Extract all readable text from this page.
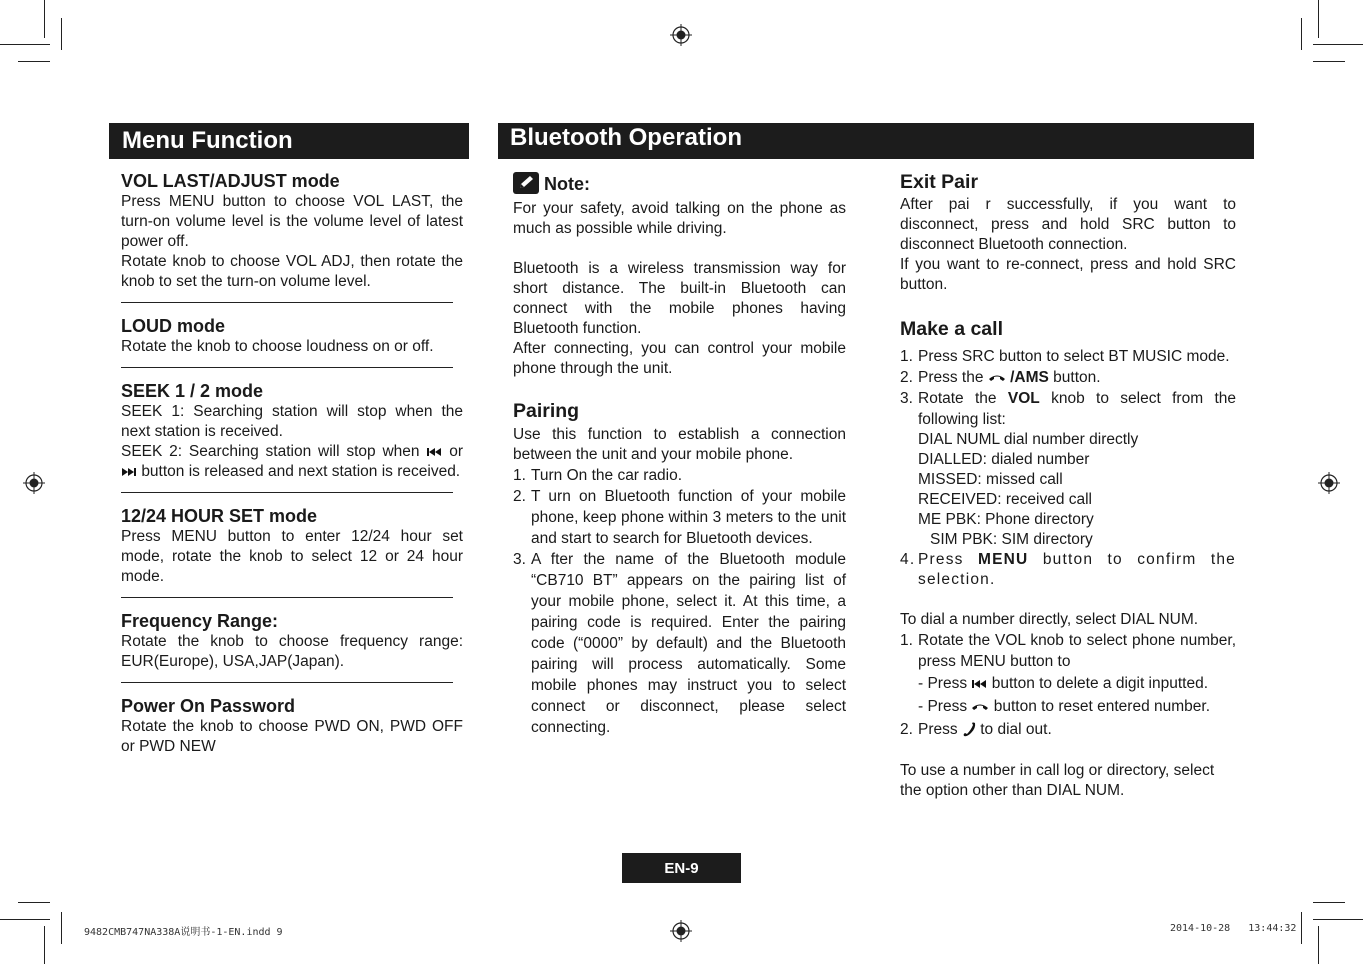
Menu Function	Bluetooth Operation

VOL LAST/ADJUST mode

Press MENU button to choose VOL LAST, the turn-on volume level is the volume level of latest power off.

Rotate knob to choose VOL ADJ, then rotate the knob to set the turn-on volume level.

LOUD mode

Rotate the knob to choose loudness on or off.

SEEK 1 / 2 mode

SEEK 1: Searching station will stop when the next station is received.

SEEK 2: Searching station will stop when or  button is released and next station is received.

12/24 HOUR SET mode

Press MENU button to enter 12/24 hour set mode, rotate the knob to select 12 or 24 hour mode.

Frequency Range:

Rotate the knob to choose frequency range: EUR(Europe), USA,JAP(Japan).

Power On Password

Rotate the knob to choose PWD ON, PWD OFF or PWD NEW

Note:

For your safety, avoid talking on the phone as much as possible while driving.

Bluetooth is a wireless transmission way for short distance. The built-in Bluetooth can connect with the mobile phones having Bluetooth function.

After connecting, you can control your mobile phone through the unit.

Pairing

Use this function to establish a connection between the unit and your mobile phone.

1. Turn On the car radio.
2. T urn on Bluetooth function of your mobile phone, keep phone within 3 meters to the unit and start to search for Bluetooth devices.
3. A fter the name of the Bluetooth module “CB710 BT” appears on the pairing list of your mobile phone, select it. At this time, a pairing code is required. Enter the pairing code (“0000” by default) and the Bluetooth pairing will process automatically. Some mobile phones may instruct you to select connect or disconnect, please select connecting.

Exit Pair

After pai r successfully, if you want to disconnect, press and hold SRC button to disconnect Bluetooth connection.

If you want to re-connect, press and hold SRC button.

Make a call

1. Press SRC button to select BT MUSIC mode.
2. Press the /AMS button.
3. Rotate the VOL knob to select from the following list:
DIAL NUML dial number directly
DIALLED: dialed number
MISSED: missed call
RECEIVED: received call
ME PBK: Phone directory
SIM PBK: SIM directory
4. Press MENU button to confirm the selection.

To dial a number directly, select DIAL NUM.

1. Rotate the VOL knob to select phone number, press MENU button to
- Press button to delete a digit inputted.
- Press button to reset entered number.
2. Press to dial out.

To use a number in call log or directory, select the option other than DIAL NUM.

EN-9
9482CMB747NA338A说明书-1-EN.indd 9	2014-10-28   13:44:32
